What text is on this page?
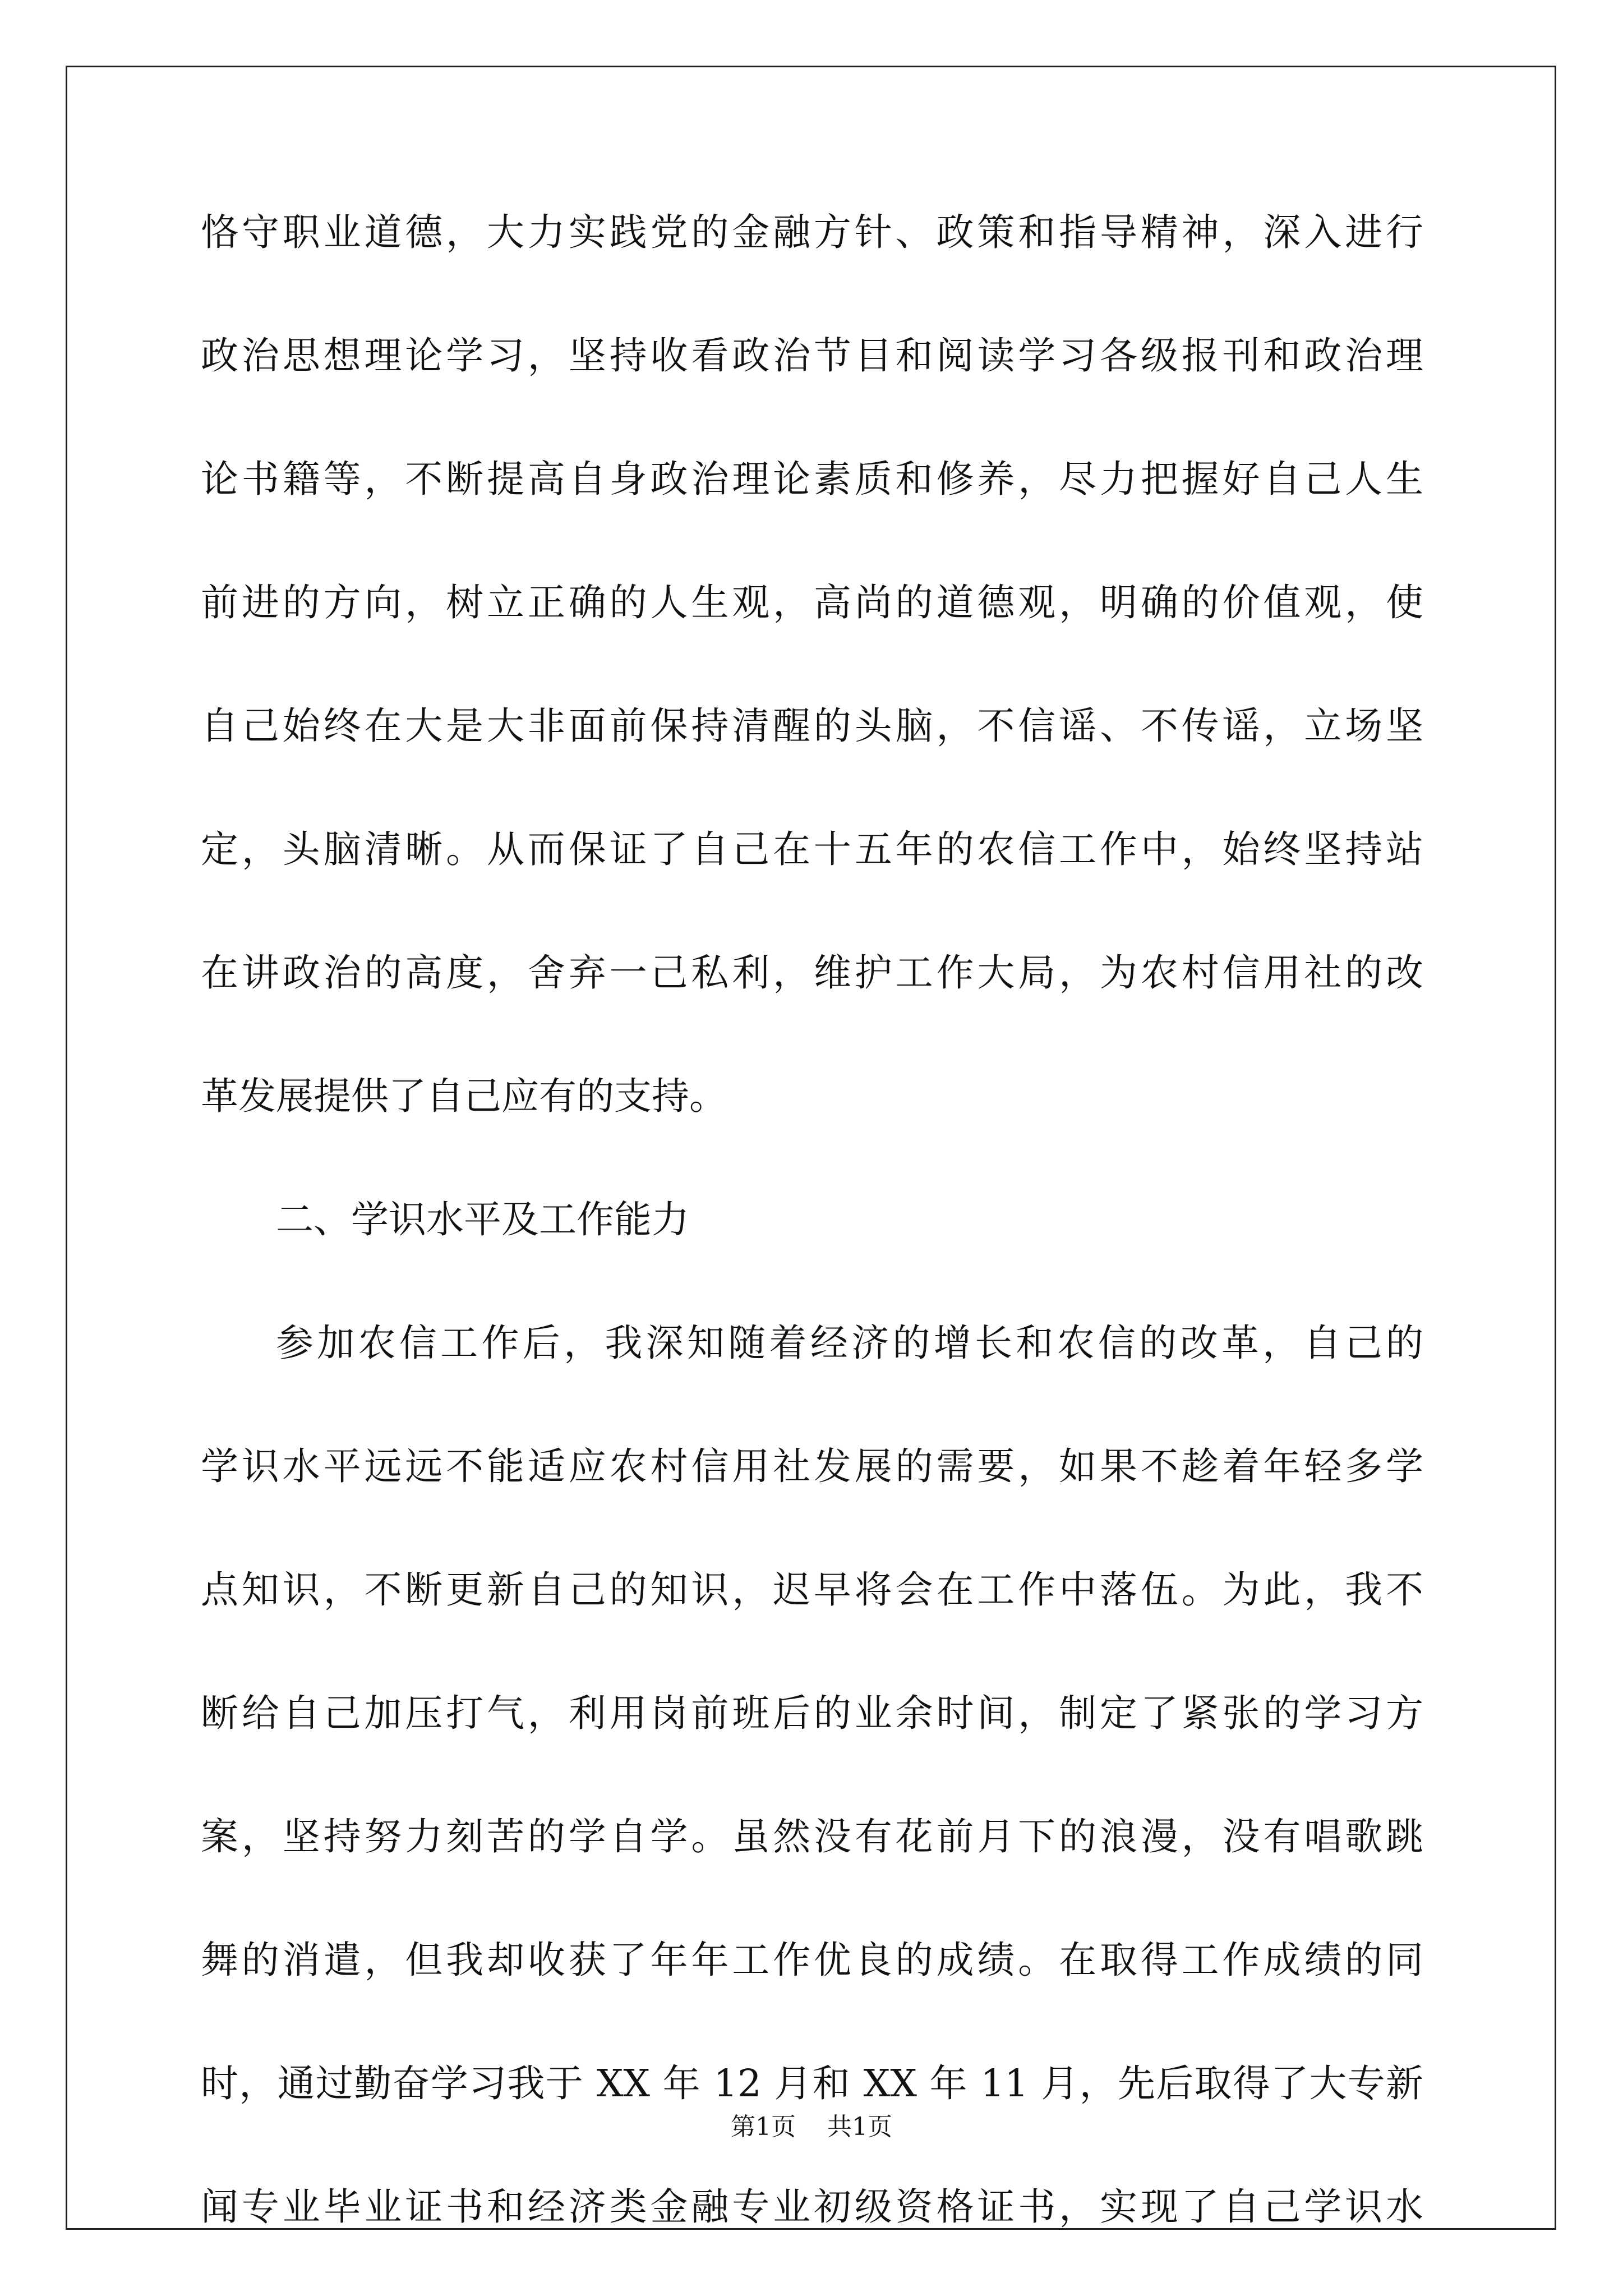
恪守职业道德，大力实践党的金融方针、政策和指导精神，深入进行
政治思想理论学习，坚持收看政治节目和阅读学习各级报刊和政治理
论书籍等，不断提高自身政治理论素质和修养，尽力把握好自己人生
前进的方向，树立正确的人生观，高尚的道德观，明确的价值观，使
自己始终在大是大非面前保持清醒的头脑，不信谣、不传谣，立场坚
定，头脑清晰。从而保证了自己在十五年的农信工作中，始终坚持站
在讲政治的高度，舍弃一己私利，维护工作大局，为农村信用社的改
革发展提供了自己应有的支持。
二、学识水平及工作能力
参加农信工作后，我深知随着经济的增长和农信的改革，自己的
学识水平远远不能适应农村信用社发展的需要，如果不趁着年轻多学
点知识，不断更新自己的知识，迟早将会在工作中落伍。为此，我不
断给自己加压打气，利用岗前班后的业余时间，制定了紧张的学习方
案，坚持努力刻苦的学自学。虽然没有花前月下的浪漫，没有唱歌跳
舞的消遣，但我却收获了年年工作优良的成绩。在取得工作成绩的同
时，通过勤奋学习我于 XX 年 12 月和 XX 年 11 月，先后取得了大专新
闻专业毕业证书和经济类金融专业初级资格证书，实现了自己学识水
第1页 共1页
